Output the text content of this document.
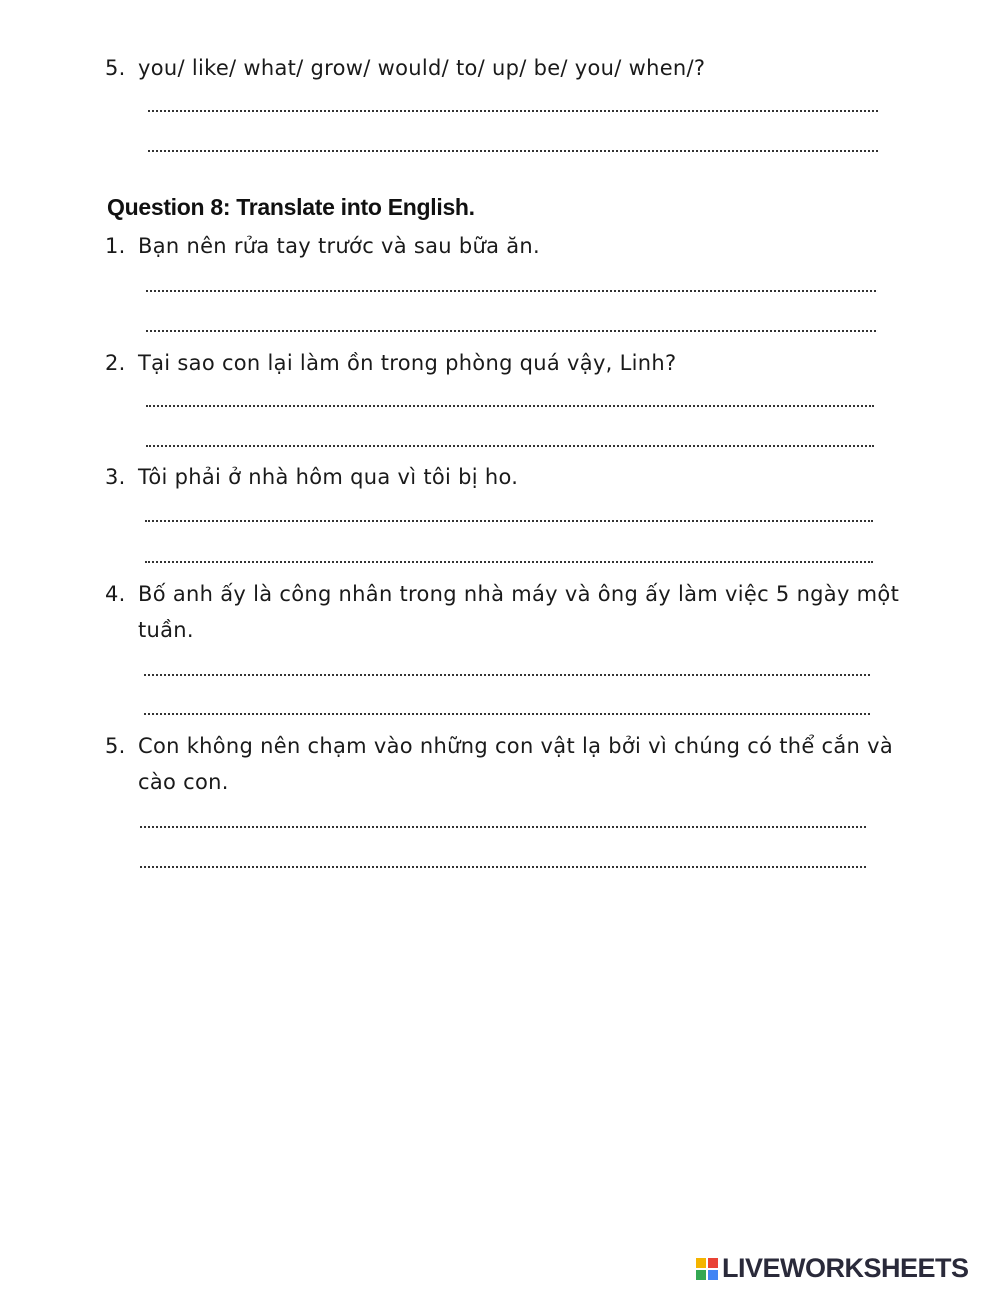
5. you/ like/ what/ grow/ would/ to/ up/ be/ you/ when/?
Question 8: Translate into English.
1. Bạn nên rửa tay trước và sau bữa ăn.
2. Tại sao con lại làm ồn trong phòng quá vậy, Linh?
3. Tôi phải ở nhà hôm qua vì tôi bị ho.
4. Bố anh ấy là công nhân trong nhà máy và ông ấy làm việc 5 ngày một tuần.
5. Con không nên chạm vào những con vật lạ bởi vì chúng có thể cắn và cào con.
LIVEWORKSHEETS
